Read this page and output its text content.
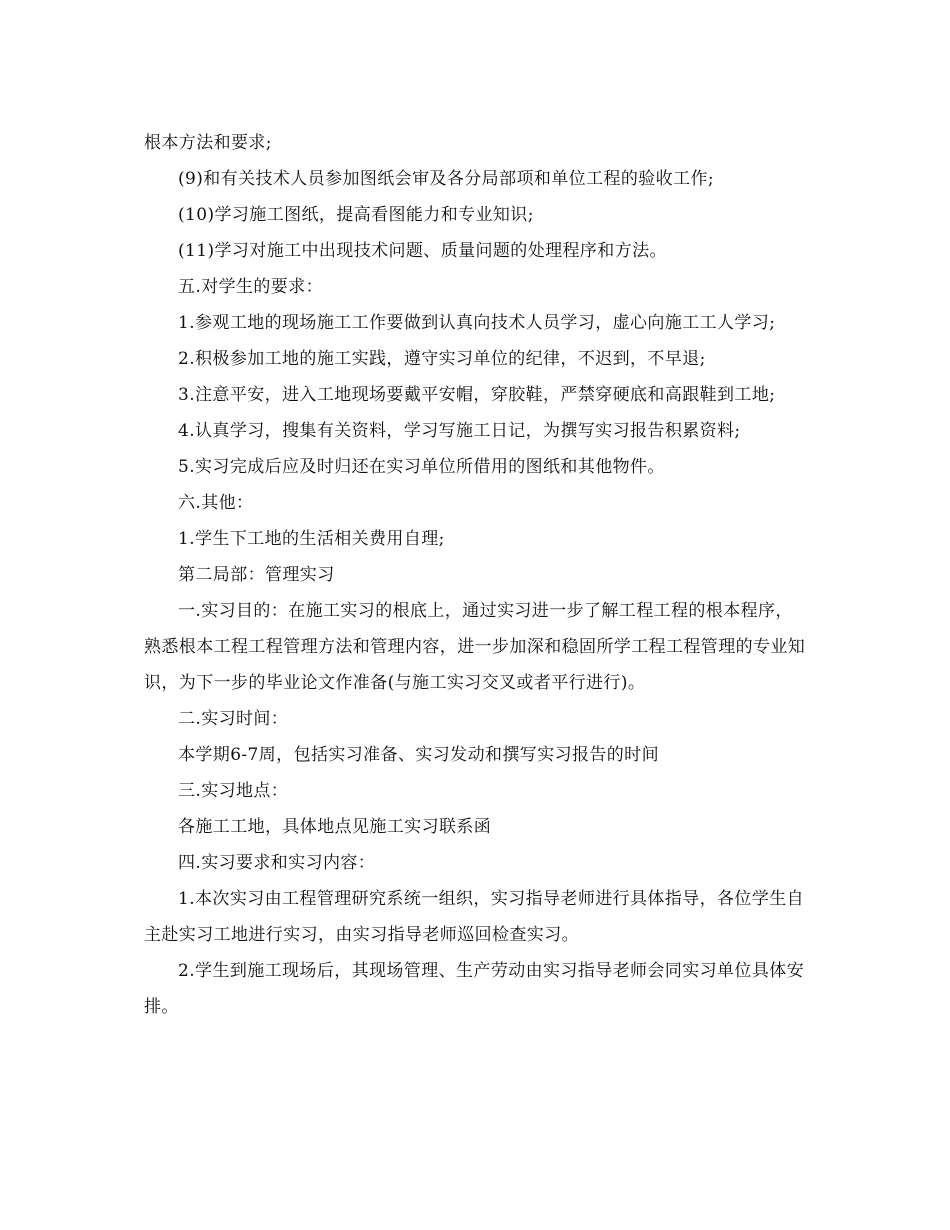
根本方法和要求;

(9)和有关技术人员参加图纸会审及各分局部项和单位工程的验收工作;

(10)学习施工图纸，提高看图能力和专业知识;

(11)学习对施工中出现技术问题、质量问题的处理程序和方法。

五.对学生的要求：

1.参观工地的现场施工工作要做到认真向技术人员学习，虚心向施工工人学习;

2.积极参加工地的施工实践，遵守实习单位的纪律，不迟到，不早退;

3.注意平安，进入工地现场要戴平安帽，穿胶鞋，严禁穿硬底和高跟鞋到工地;

4.认真学习，搜集有关资料，学习写施工日记，为撰写实习报告积累资料;

5.实习完成后应及时归还在实习单位所借用的图纸和其他物件。

六.其他：

1.学生下工地的生活相关费用自理;

第二局部：管理实习

一.实习目的：在施工实习的根底上，通过实习进一步了解工程工程的根本程序，熟悉根本工程工程管理方法和管理内容，进一步加深和稳固所学工程工程管理的专业知识，为下一步的毕业论文作准备(与施工实习交叉或者平行进行)。

二.实习时间：

本学期6-7周，包括实习准备、实习发动和撰写实习报告的时间

三.实习地点：

各施工工地，具体地点见施工实习联系函

四.实习要求和实习内容：

1.本次实习由工程管理研究系统一组织，实习指导老师进行具体指导，各位学生自主赴实习工地进行实习，由实习指导老师巡回检查实习。

2.学生到施工现场后，其现场管理、生产劳动由实习指导老师会同实习单位具体安排。
